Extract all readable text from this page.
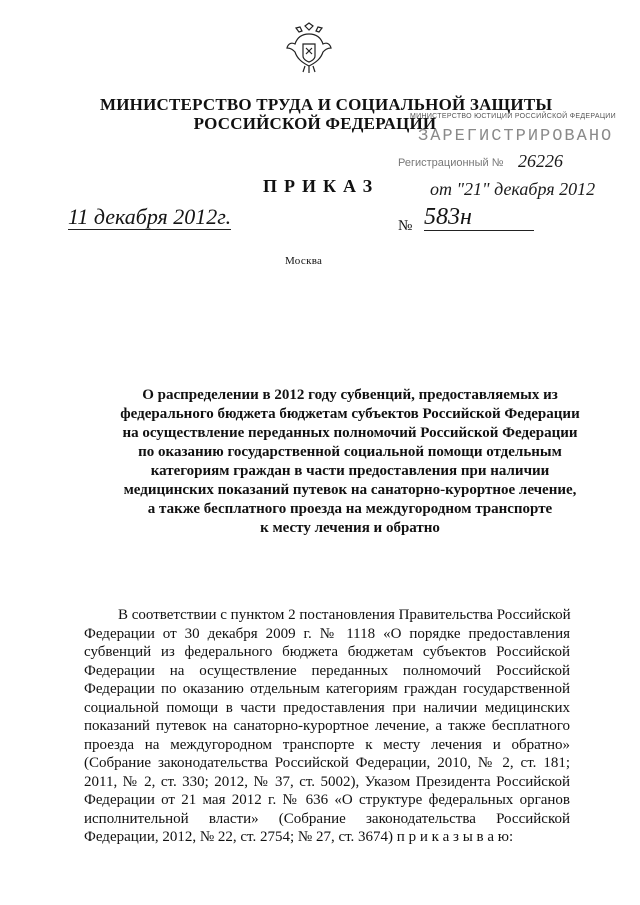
МИНИСТЕРСТВО ТРУДА И СОЦИАЛЬНОЙ ЗАЩИТЫ
РОССИЙСКОЙ ФЕДЕРАЦИИ
МИНИСТЕРСТВО ЮСТИЦИИ РОССИЙСКОЙ ФЕДЕРАЦИИ
ЗАРЕГИСТРИРОВАНО
Регистрационный № 26226
от "21" декабря 2012
ПРИКАЗ
11 декабря 2012г.	№ 583н
Москва
О распределении в 2012 году субвенций, предоставляемых из
федерального бюджета бюджетам субъектов Российской Федерации
на осуществление переданных полномочий Российской Федерации
по оказанию государственной социальной помощи отдельным
категориям граждан в части предоставления при наличии
медицинских показаний путевок на санаторно-курортное лечение,
а также бесплатного проезда на междугородном транспорте
к месту лечения и обратно
В соответствии с пунктом 2 постановления Правительства Российской
Федерации от 30 декабря 2009 г. № 1118 «О порядке предоставления
субвенций из федерального бюджета бюджетам субъектов Российской
Федерации на осуществление переданных полномочий Российской
Федерации по оказанию отдельным категориям граждан государственной
социальной помощи в части предоставления при наличии медицинских
показаний путевок на санаторно-курортное лечение, а также бесплатного
проезда на междугородном транспорте к месту лечения и обратно»
(Собрание законодательства Российской Федерации, 2010, № 2, ст. 181;
2011, № 2, ст. 330; 2012, № 37, ст. 5002), Указом Президента Российской
Федерации от 21 мая 2012 г. № 636 «О структуре федеральных органов
исполнительной власти» (Собрание законодательства Российской
Федерации, 2012, № 22, ст. 2754; № 27, ст. 3674) п р и к а з ы в а ю:
